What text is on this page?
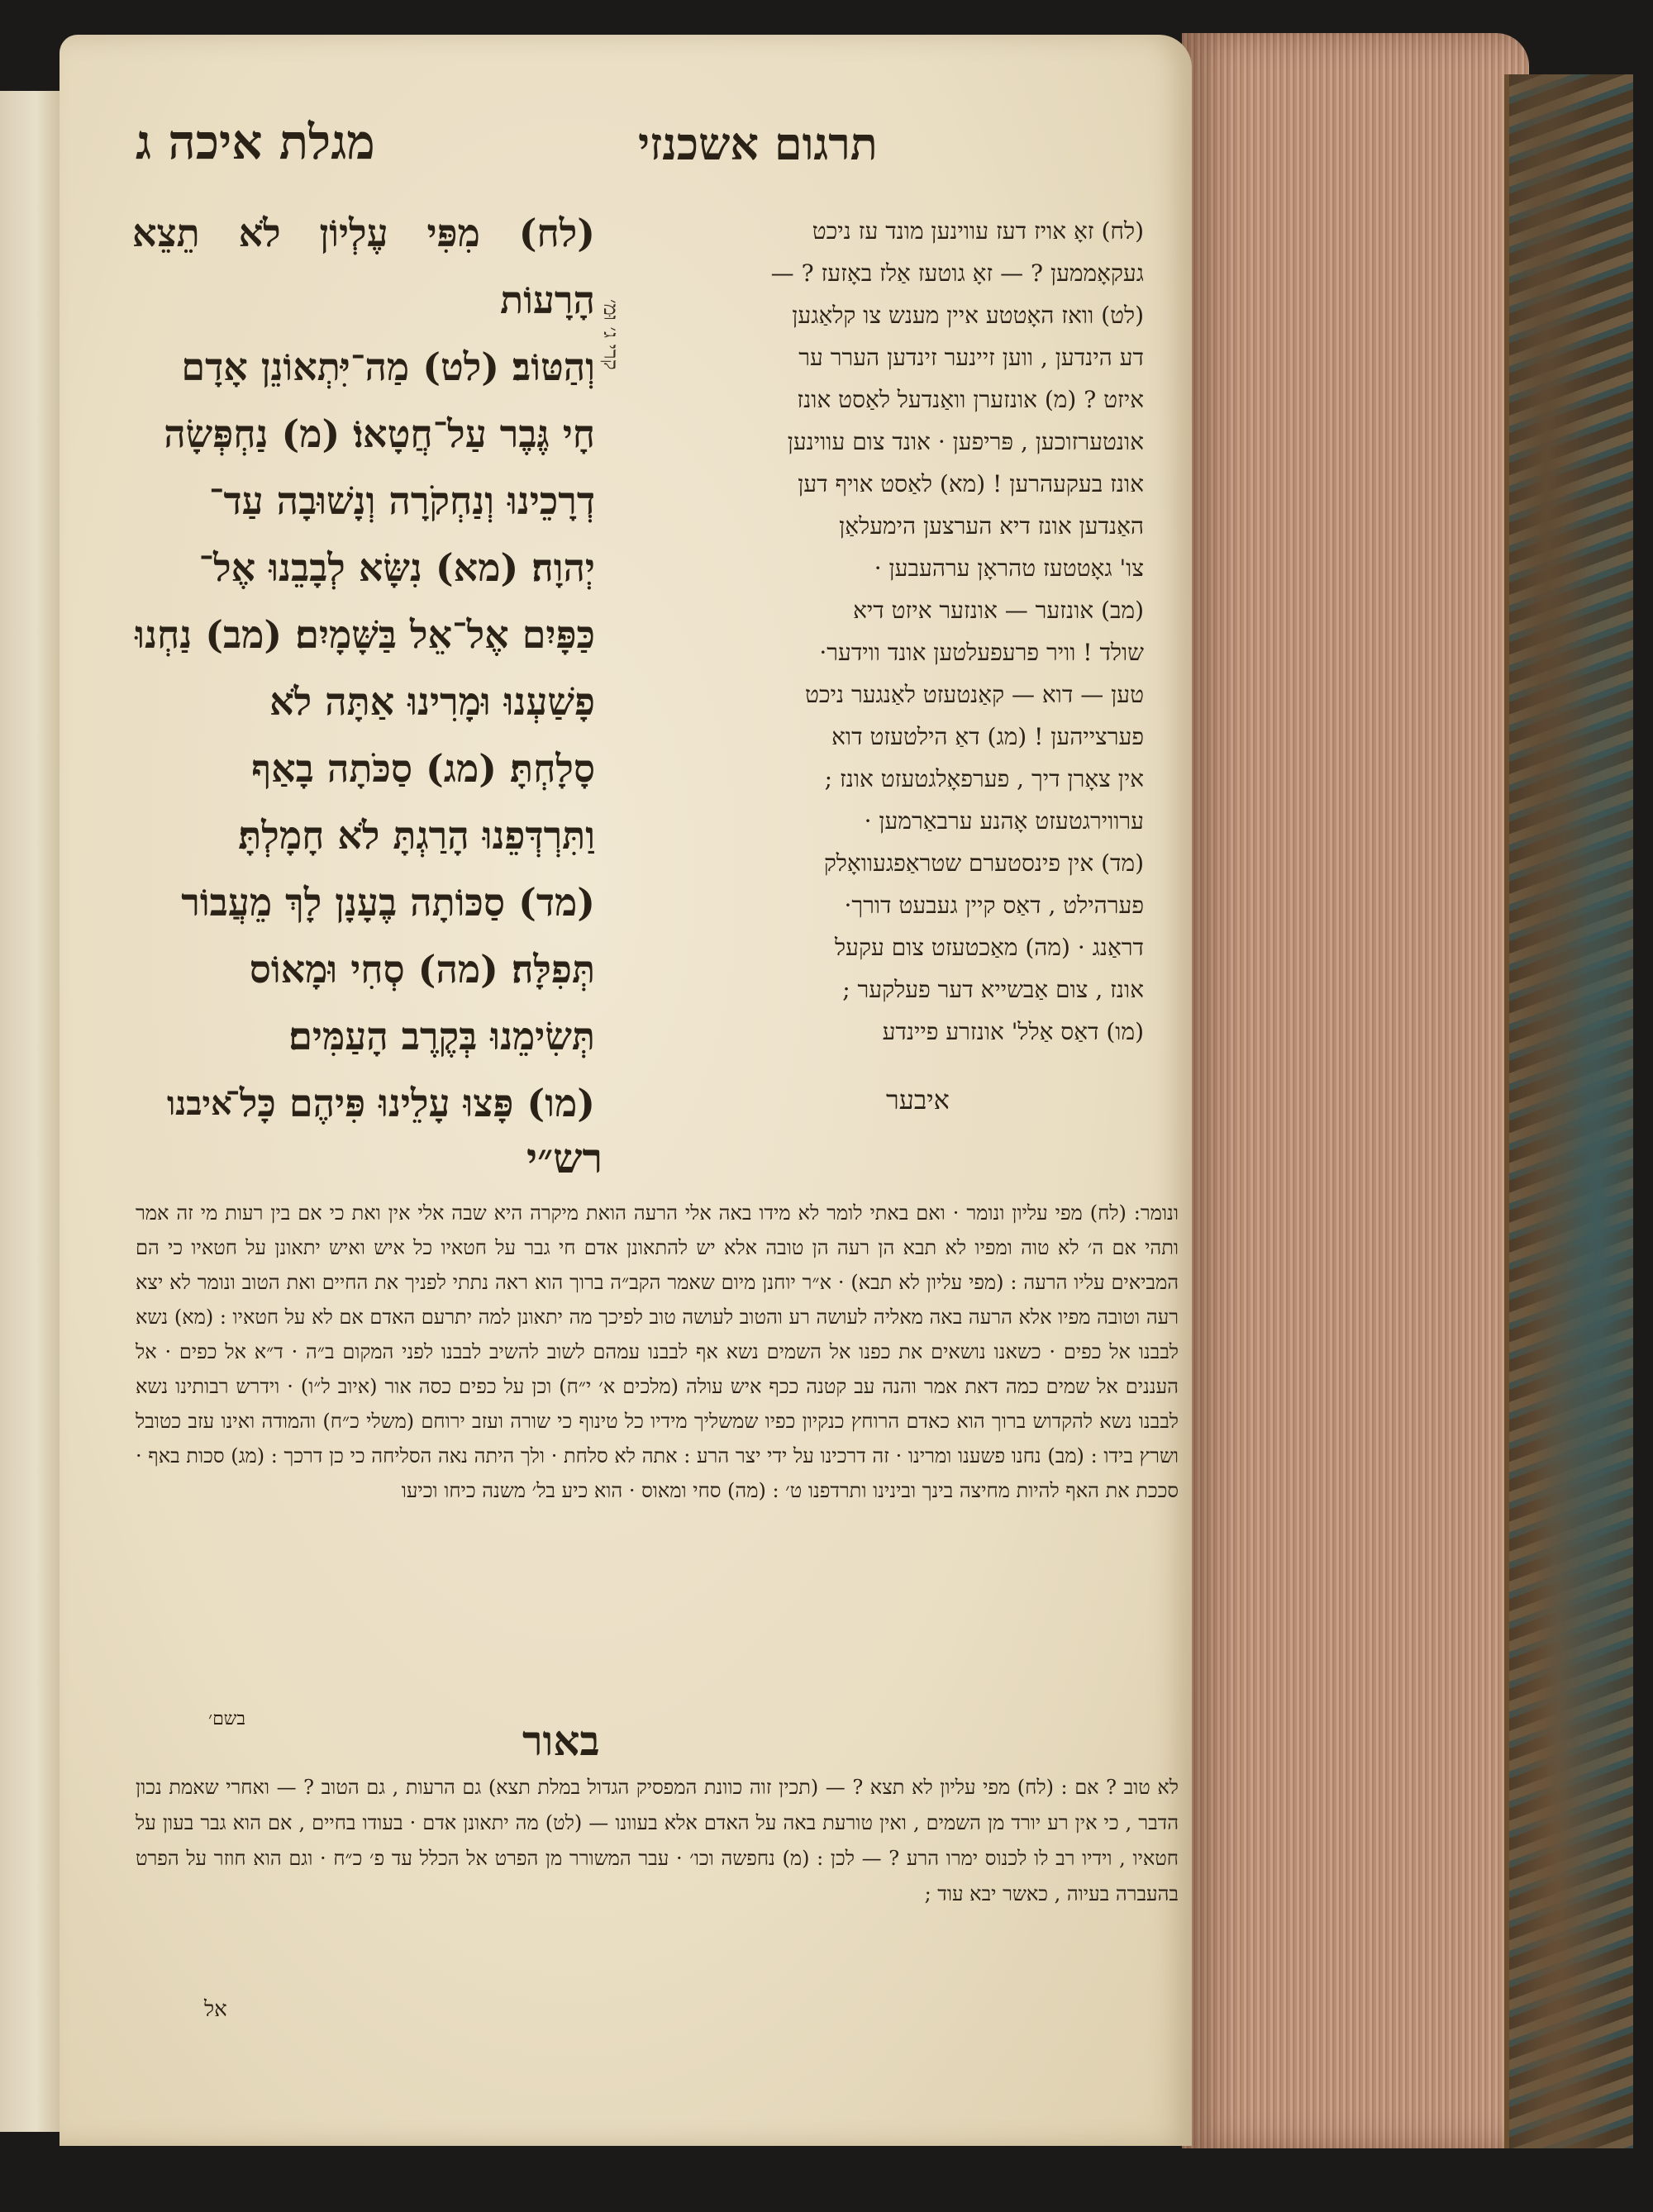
מגלת איכה ג	תרגום אשכנזי
(לח) מִפִּי עֶלְיוֹן לֹא תֵצֵא הָרָעוֹת
וְהַטּוֹב׃ (לט) מַה־יִּתְאוֹנֵן אָדָם
חָי גֶּבֶר עַל־חֲטָאוֹ׃ (מ) נַחְפְּשָׂה
דְרָכֵינוּ וְנַחְקֹרָה וְנָשׁוּבָה עַד־
יְהוָה׃ (מא) נִשָּׂא לְבָבֵנוּ אֶל־
כַּפָּיִם אֶל־אֵל בַּשָּׁמָיִם׃ (מב) נַחְנוּ
פָשַׁעְנוּ וּמָרִינוּ אַתָּה לֹא
סָלָחְתָּ׃ (מג) סַכֹּתָה בָאַף
וַתִּרְדְּפֵנוּ הָרַגְתָּ לֹא חָמָלְתָּ׃
(מד) סַכּוֹתָה בֶעָנָן לָךְ מֵעֲבוֹר
תְּפִלָּה׃ (מה) סְחִי וּמָאוֹס
תְּשִׂימֵנוּ בְּקֶרֶב הָעַמִּים׃
(מו) פָּצוּ עָלֵינוּ פִּיהֶם כָּל־
איבנו
קרי ג׳ וּמ׳
(לח) זאָ אויז דעז עווינען מונד עז ניכט
געקאָממען ? — זאָ גוטעז אַלז באָזעז ? —
(לט) וואז האָטטע איין מענש צו קלאַגען
דע הינדען , ווען זיינער זינדען הערר ער
איזט ? (מ) אונזערן וואַנדעל לאַסט אונז
אונטערזוכען , פּריפען · אונד צום עווינען
אונז בעקעהרען ! (מא) לאַסט אויף דען
האַנדען אונז דיא הערצען הימעלאַן
צו' גאָטטעז טהראָן ערהעבען ·
(מב) אונזער — אונזער איזט דיא
שולד ! וויר פרעפעלטען אונד ווידער·
טען — דוא — קאַנטעזט לאַנגער ניכט
פערצייהען ! (מג) דאַ הילטעזט דוא
אין צאָרן דיך , פערפאָלגטעזט אונז ;
ערווירגטעזט אָהנע ערבאַרמען ·
(מד) אין פינסטערם שטראַפגעוואָלק
פערהילט , דאַס קיין געבעט דורך·
דראַנג · (מה) מאַכטעזט צום עקעל
אונז , צום אַבשייא דער פעלקער ;
(מו) דאַס אַלל' אונזרע פיינדע
איבער
רש״י
ונומר: (לח) מפי עליון ונומר · ואם באתי לומר לא מידו באה אלי הרעה הואת מיקרה היא שבה אלי אין ואת כי אם בין רעות מי זה אמר ותהי אם ה׳ לא טוה ומפיו לא תבא הן רעה הן טובה אלא יש להתאונן אדם חי גבר על חטאיו כל איש ואיש יתאונן על חטאיו כי הם המביאים עליו הרעה : (מפי עליון לא תבא) · א״ר יוחנן מיום שאמר הקב״ה ברוך הוא ראה נתתי לפניך את החיים ואת הטוב ונומר לא יצא רעה וטובה מפיו אלא הרעה באה מאליה לעושה רע והטוב לעושה טוב לפיכך מה יתאונן למה יתרעם האדם אם לא על חטאיו : (מא) נשא לבבנו אל כפים · כשאנו נושאים את כפנו אל השמים נשא אף לבבנו עמהם לשוב להשיב לבבנו לפני המקום ב״ה · ד״א אל כפים · אל העננים אל שמים כמה דאת אמר והנה עב קטנה ככף איש עולה (מלכים א׳ י״ח) וכן על כפים כסה אור (איוב ל״ו) · וידרש רבותינו נשא לבבנו נשא להקדוש ברוך הוא כאדם הרוחץ כנקיון כפיו שמשליך מידיו כל טינוף כי שורה ועזב ירוחם (משלי כ״ח) והמודה ואינו עזב כטובל ושרץ בידו : (מב) נחנו פשענו ומרינו · זה דרכינו על ידי יצר הרע : אתה לא סלחת · ולך היתה נאה הסליחה כי כן דרכך : (מג) סכות באף · סככת את האף להיות מחיצה בינך ובינינו ותרדפנו ט׳ : (מה) סחי ומאוס · הוא כיע בל׳ משנה כיחו וכיעו
בשם׳	באור
לא טוב ? אם : (לח) מפי עליון לא תצא ? — (תכין זוה כוונת המפסיק הגדול במלת תצא) גם הרעות , גם הטוב ? — ואחרי שאמת נכון הדבר , כי אין רע יורד מן השמים , ואין טורעת באה על האדם אלא בעוונו — (לט) מה יתאונן אדם · בעודו בחיים , אם הוא גבר בעון על חטאיו , וידיו רב לו לכנוס ימרו הרע ? — לכן : (מ) נחפשה וכו׳ · עבר המשורר מן הפרט אל הכלל עד פ׳ כ״ח · וגם הוא חוזר על הפרט בהעברה בעיוה , כאשר יבא עוד ;
אל
